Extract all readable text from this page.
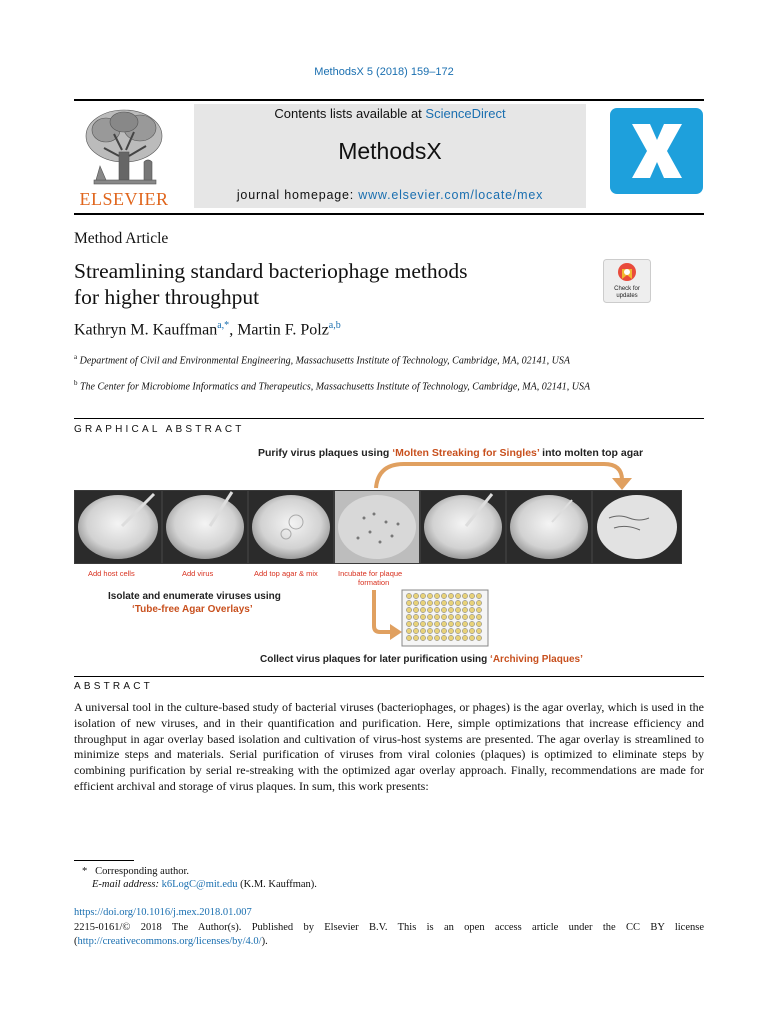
MethodsX 5 (2018) 159–172
ELSEVIER
Contents lists available at ScienceDirect
MethodsX
journal homepage: www.elsevier.com/locate/mex
Method Article
Streamlining standard bacteriophage methods
for higher throughput	Check for updates
Kathryn M. Kauffman$^{a,*}$, Martin F. Polz$^{a,b}$
$^a$ Department of Civil and Environmental Engineering, Massachusetts Institute of Technology, Cambridge, MA, 02141, USA
$^b$ The Center for Microbiome Informatics and Therapeutics, Massachusetts Institute of Technology, Cambridge, MA, 02141, USA
GRAPHICAL ABSTRACT
Purify virus plaques using ‘Molten Streaking for Singles’ into molten top agar
Add host cells	Add virus	Add top agar & mix	Incubate for plaque
formation
Isolate and enumerate viruses using
‘Tube-free Agar Overlays’
Collect virus plaques for later purification using ‘Archiving Plaques’
ABSTRACT
A universal tool in the culture-based study of bacterial viruses (bacteriophages, or phages) is the agar overlay, which is used in the isolation of new viruses, and in their quantification and purification. Here, simple optimizations that increase efficiency and throughput in agar overlay based isolation and cultivation of virus-host systems are presented. The agar overlay is streamlined to minimize steps and materials. Serial purification of viruses from viral colonies (plaques) is optimized to eliminate steps by combining purification by serial re-streaking with the optimized agar overlay approach. Finally, recommendations are made for efficient archival and storage of virus plaques. In sum, this work presents:
* Corresponding author.
E-mail address: k6LogC@mit.edu (K.M. Kauffman).
https://doi.org/10.1016/j.mex.2018.01.007
2215-0161/© 2018 The Author(s). Published by Elsevier B.V. This is an open access article under the CC BY license (http://creativecommons.org/licenses/by/4.0/).
